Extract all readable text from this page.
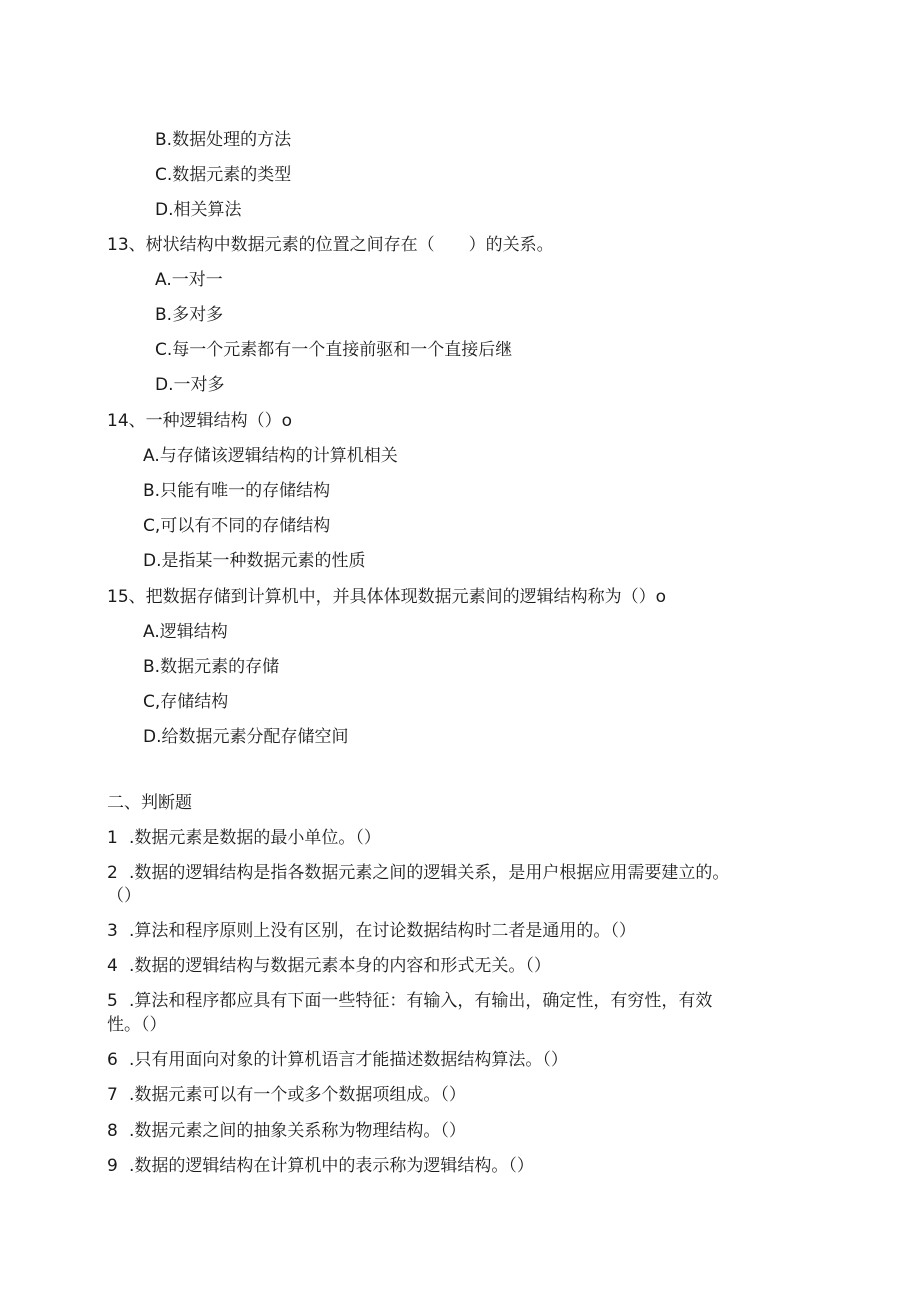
B.数据处理的方法
C.数据元素的类型
D.相关算法
13、树状结构中数据元素的位置之间存在（　　）的关系。
A.一对一
B.多对多
C.每一个元素都有一个直接前驱和一个直接后继
D.一对多
14、一种逻辑结构（）o
A.与存储该逻辑结构的计算机相关
B.只能有唯一的存储结构
C,可以有不同的存储结构
D.是指某一种数据元素的性质
15、把数据存储到计算机中，并具体体现数据元素间的逻辑结构称为（）o
A.逻辑结构
B.数据元素的存储
C,存储结构
D.给数据元素分配存储空间
二、判断题
1 .数据元素是数据的最小单位。（）
2 .数据的逻辑结构是指各数据元素之间的逻辑关系，是用户根据应用需要建立的。
（）
3 .算法和程序原则上没有区别，在讨论数据结构时二者是通用的。（）
4 .数据的逻辑结构与数据元素本身的内容和形式无关。（）
5 .算法和程序都应具有下面一些特征：有输入，有输出，确定性，有穷性，有效
性。（）
6 .只有用面向对象的计算机语言才能描述数据结构算法。（）
7 .数据元素可以有一个或多个数据项组成。（）
8 .数据元素之间的抽象关系称为物理结构。（）
9 .数据的逻辑结构在计算机中的表示称为逻辑结构。（）
